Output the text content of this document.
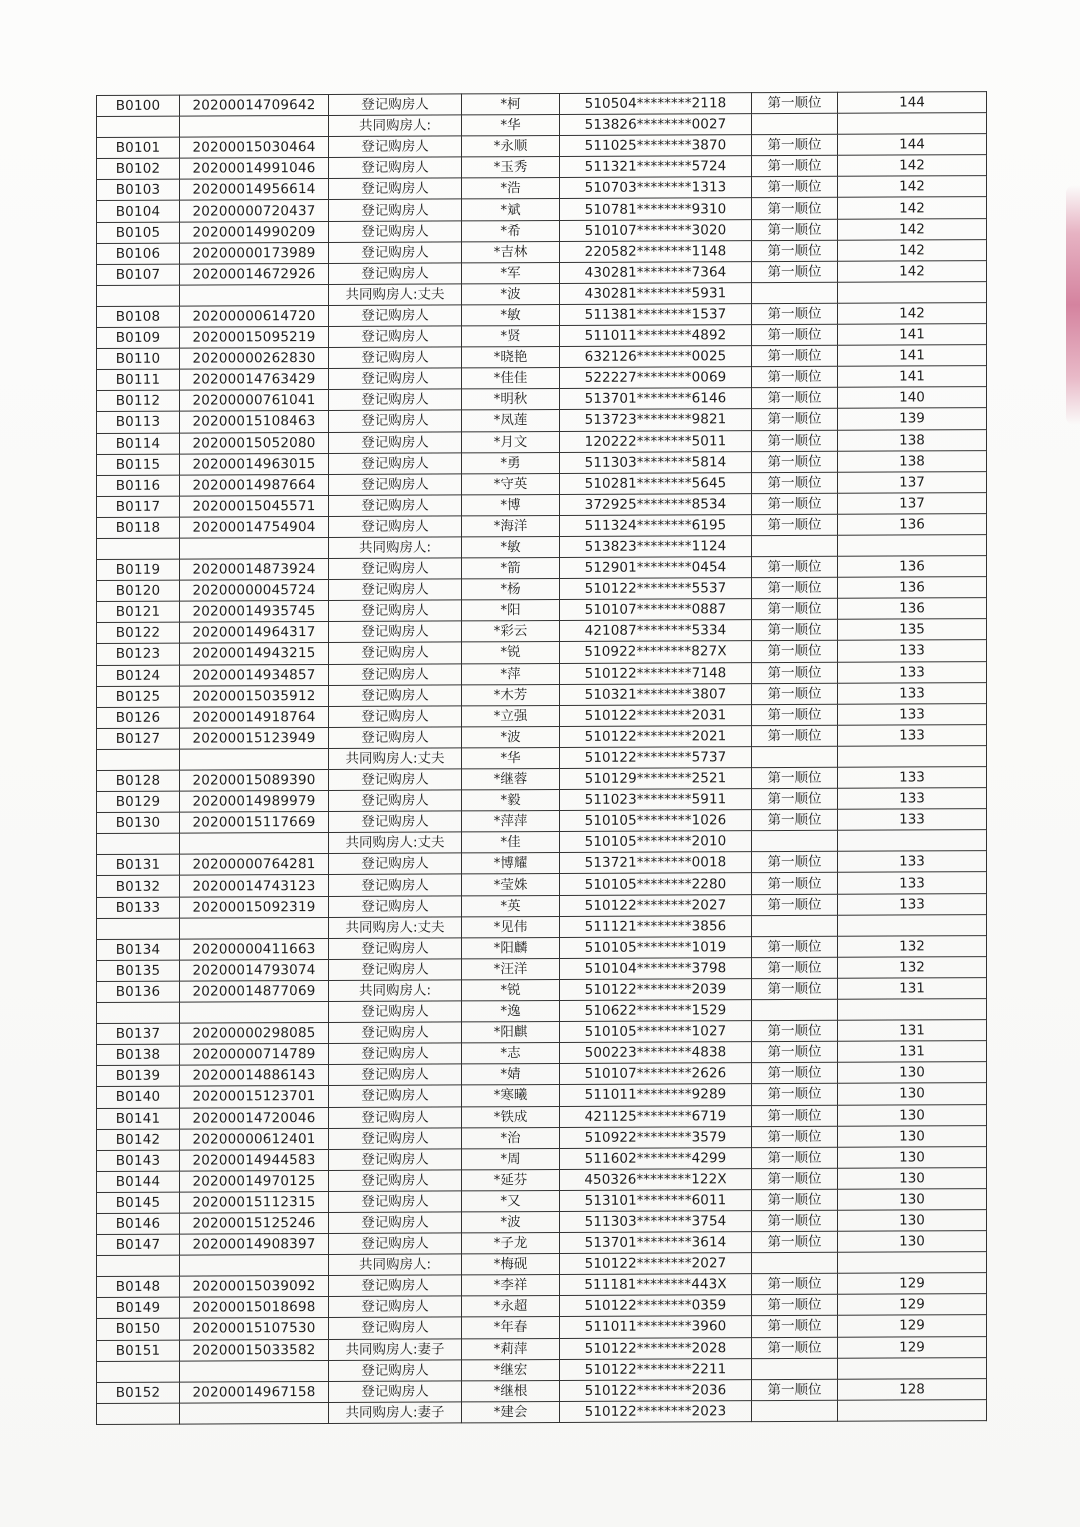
B0100	20200014709642	登记购房人	*柯	510504********2118	第一顺位	144
		共同购房人:	*华	513826********0027		
B0101	20200015030464	登记购房人	*永顺	511025********3870	第一顺位	144
B0102	20200014991046	登记购房人	*玉秀	511321********5724	第一顺位	142
B0103	20200014956614	登记购房人	*浩	510703********1313	第一顺位	142
B0104	20200000720437	登记购房人	*斌	510781********9310	第一顺位	142
B0105	20200014990209	登记购房人	*希	510107********3020	第一顺位	142
B0106	20200000173989	登记购房人	*吉林	220582********1148	第一顺位	142
B0107	20200014672926	登记购房人	*军	430281********7364	第一顺位	142
		共同购房人:丈夫	*波	430281********5931		
B0108	20200000614720	登记购房人	*敏	511381********1537	第一顺位	142
B0109	20200015095219	登记购房人	*贤	511011********4892	第一顺位	141
B0110	20200000262830	登记购房人	*晓艳	632126********0025	第一顺位	141
B0111	20200014763429	登记购房人	*佳佳	522227********0069	第一顺位	141
B0112	20200000761041	登记购房人	*明秋	513701********6146	第一顺位	140
B0113	20200015108463	登记购房人	*凤莲	513723********9821	第一顺位	139
B0114	20200015052080	登记购房人	*月文	120222********5011	第一顺位	138
B0115	20200014963015	登记购房人	*勇	511303********5814	第一顺位	138
B0116	20200014987664	登记购房人	*守英	510281********5645	第一顺位	137
B0117	20200015045571	登记购房人	*博	372925********8534	第一顺位	137
B0118	20200014754904	登记购房人	*海洋	511324********6195	第一顺位	136
		共同购房人:	*敏	513823********1124		
B0119	20200014873924	登记购房人	*箭	512901********0454	第一顺位	136
B0120	20200000045724	登记购房人	*杨	510122********5537	第一顺位	136
B0121	20200014935745	登记购房人	*阳	510107********0887	第一顺位	136
B0122	20200014964317	登记购房人	*彩云	421087********5334	第一顺位	135
B0123	20200014943215	登记购房人	*锐	510922********827X	第一顺位	133
B0124	20200014934857	登记购房人	*萍	510122********7148	第一顺位	133
B0125	20200015035912	登记购房人	*木芳	510321********3807	第一顺位	133
B0126	20200014918764	登记购房人	*立强	510122********2031	第一顺位	133
B0127	20200015123949	登记购房人	*波	510122********2021	第一顺位	133
		共同购房人:丈夫	*华	510122********5737		
B0128	20200015089390	登记购房人	*继蓉	510129********2521	第一顺位	133
B0129	20200014989979	登记购房人	*毅	511023********5911	第一顺位	133
B0130	20200015117669	登记购房人	*萍萍	510105********1026	第一顺位	133
		共同购房人:丈夫	*佳	510105********2010		
B0131	20200000764281	登记购房人	*博耀	513721********0018	第一顺位	133
B0132	20200014743123	登记购房人	*莹姝	510105********2280	第一顺位	133
B0133	20200015092319	登记购房人	*英	510122********2027	第一顺位	133
		共同购房人:丈夫	*见伟	511121********3856		
B0134	20200000411663	登记购房人	*阳麟	510105********1019	第一顺位	132
B0135	20200014793074	登记购房人	*汪洋	510104********3798	第一顺位	132
B0136	20200014877069	共同购房人:	*锐	510122********2039	第一顺位	131
		登记购房人	*逸	510622********1529		
B0137	20200000298085	登记购房人	*阳麒	510105********1027	第一顺位	131
B0138	20200000714789	登记购房人	*志	500223********4838	第一顺位	131
B0139	20200014886143	登记购房人	*婧	510107********2626	第一顺位	130
B0140	20200015123701	登记购房人	*寒曦	511011********9289	第一顺位	130
B0141	20200014720046	登记购房人	*铁成	421125********6719	第一顺位	130
B0142	20200000612401	登记购房人	*治	510922********3579	第一顺位	130
B0143	20200014944583	登记购房人	*周	511602********4299	第一顺位	130
B0144	20200014970125	登记购房人	*延芬	450326********122X	第一顺位	130
B0145	20200015112315	登记购房人	*又	513101********6011	第一顺位	130
B0146	20200015125246	登记购房人	*波	511303********3754	第一顺位	130
B0147	20200014908397	登记购房人	*子龙	513701********3614	第一顺位	130
		共同购房人:	*梅砚	510122********2027		
B0148	20200015039092	登记购房人	*李祥	511181********443X	第一顺位	129
B0149	20200015018698	登记购房人	*永超	510122********0359	第一顺位	129
B0150	20200015107530	登记购房人	*年春	511011********3960	第一顺位	129
B0151	20200015033582	共同购房人:妻子	*莉萍	510122********2028	第一顺位	129
		登记购房人	*继宏	510122********2211		
B0152	20200014967158	登记购房人	*继根	510122********2036	第一顺位	128
		共同购房人:妻子	*建会	510122********2023		
